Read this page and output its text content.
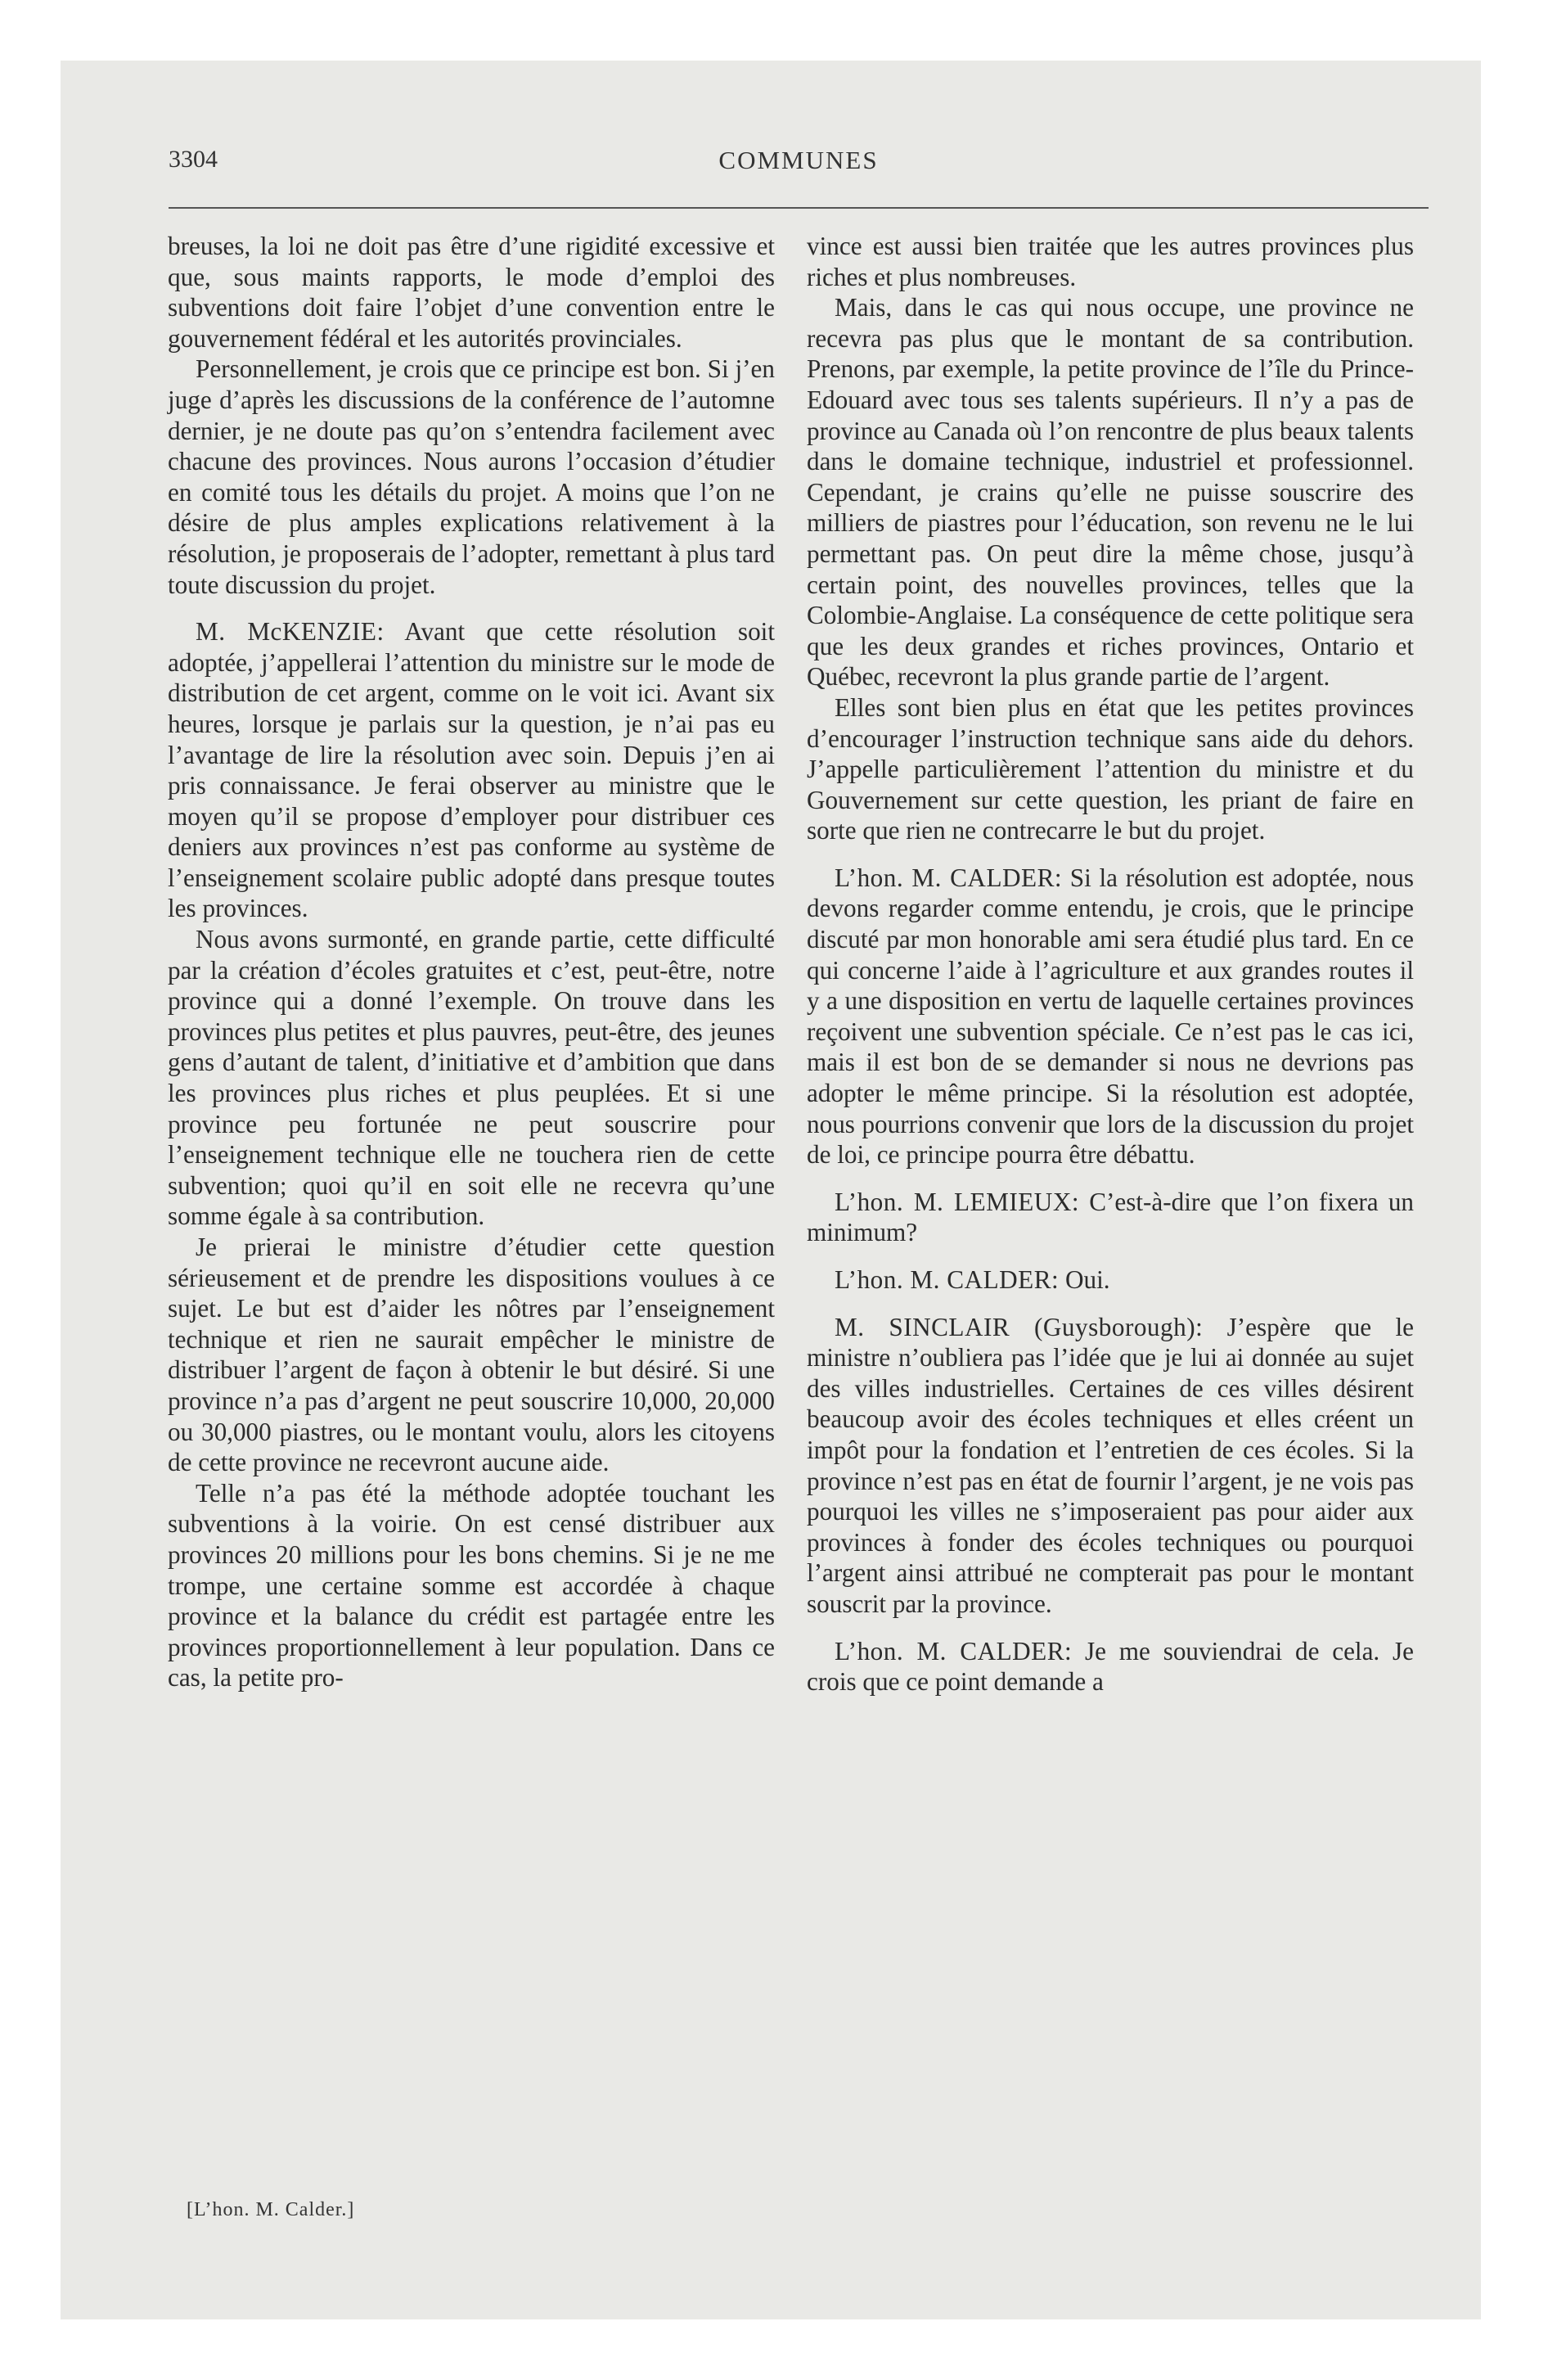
3304	COMMUNES

breuses, la loi ne doit pas être d’une rigidité excessive et que, sous maints rapports, le mode d’emploi des subventions doit faire l’objet d’une convention entre le gouvernement fédéral et les autorités provinciales.

Personnellement, je crois que ce principe est bon. Si j’en juge d’après les discussions de la conférence de l’automne dernier, je ne doute pas qu’on s’entendra facilement avec chacune des provinces. Nous aurons l’occasion d’étudier en comité tous les détails du projet. A moins que l’on ne désire de plus amples explications relativement à la résolution, je proposerais de l’adopter, remettant à plus tard toute discussion du projet.

M. McKENZIE: Avant que cette résolution soit adoptée, j’appellerai l’attention du ministre sur le mode de distribution de cet argent, comme on le voit ici. Avant six heures, lorsque je parlais sur la question, je n’ai pas eu l’avantage de lire la résolution avec soin. Depuis j’en ai pris connaissance. Je ferai observer au ministre que le moyen qu’il se propose d’employer pour distribuer ces deniers aux provinces n’est pas conforme au système de l’enseignement scolaire public adopté dans presque toutes les provinces.

Nous avons surmonté, en grande partie, cette difficulté par la création d’écoles gratuites et c’est, peut-être, notre province qui a donné l’exemple. On trouve dans les provinces plus petites et plus pauvres, peut-être, des jeunes gens d’autant de talent, d’initiative et d’ambition que dans les provinces plus riches et plus peuplées. Et si une province peu fortunée ne peut souscrire pour l’enseignement technique elle ne touchera rien de cette subvention; quoi qu’il en soit elle ne recevra qu’une somme égale à sa contribution.

Je prierai le ministre d’étudier cette question sérieusement et de prendre les dispositions voulues à ce sujet. Le but est d’aider les nôtres par l’enseignement technique et rien ne saurait empêcher le ministre de distribuer l’argent de façon à obtenir le but désiré. Si une province n’a pas d’argent ne peut souscrire 10,000, 20,000 ou 30,000 piastres, ou le montant voulu, alors les citoyens de cette province ne recevront aucune aide.

Telle n’a pas été la méthode adoptée touchant les subventions à la voirie. On est censé distribuer aux provinces 20 millions pour les bons chemins. Si je ne me trompe, une certaine somme est accordée à chaque province et la balance du crédit est partagée entre les provinces proportionnellement à leur population. Dans ce cas, la petite pro-

vince est aussi bien traitée que les autres provinces plus riches et plus nombreuses.

Mais, dans le cas qui nous occupe, une province ne recevra pas plus que le montant de sa contribution. Prenons, par exemple, la petite province de l’île du Prince-Edouard avec tous ses talents supérieurs. Il n’y a pas de province au Canada où l’on rencontre de plus beaux talents dans le domaine technique, industriel et professionnel. Cependant, je crains qu’elle ne puisse souscrire des milliers de piastres pour l’éducation, son revenu ne le lui permettant pas. On peut dire la même chose, jusqu’à certain point, des nouvelles provinces, telles que la Colombie-Anglaise. La conséquence de cette politique sera que les deux grandes et riches provinces, Ontario et Québec, recevront la plus grande partie de l’argent.

Elles sont bien plus en état que les petites provinces d’encourager l’instruction technique sans aide du dehors. J’appelle particulièrement l’attention du ministre et du Gouvernement sur cette question, les priant de faire en sorte que rien ne contrecarre le but du projet.

L’hon. M. CALDER: Si la résolution est adoptée, nous devons regarder comme entendu, je crois, que le principe discuté par mon honorable ami sera étudié plus tard. En ce qui concerne l’aide à l’agriculture et aux grandes routes il y a une disposition en vertu de laquelle certaines provinces reçoivent une subvention spéciale. Ce n’est pas le cas ici, mais il est bon de se demander si nous ne devrions pas adopter le même principe. Si la résolution est adoptée, nous pourrions convenir que lors de la discussion du projet de loi, ce principe pourra être débattu.

L’hon. M. LEMIEUX: C’est-à-dire que l’on fixera un minimum?

L’hon. M. CALDER: Oui.

M. SINCLAIR (Guysborough): J’espère que le ministre n’oubliera pas l’idée que je lui ai donnée au sujet des villes industrielles. Certaines de ces villes désirent beaucoup avoir des écoles techniques et elles créent un impôt pour la fondation et l’entretien de ces écoles. Si la province n’est pas en état de fournir l’argent, je ne vois pas pourquoi les villes ne s’imposeraient pas pour aider aux provinces à fonder des écoles techniques ou pourquoi l’argent ainsi attribué ne compterait pas pour le montant souscrit par la province.

L’hon. M. CALDER: Je me souviendrai de cela. Je crois que ce point demande a

[L’hon. M. Calder.]
